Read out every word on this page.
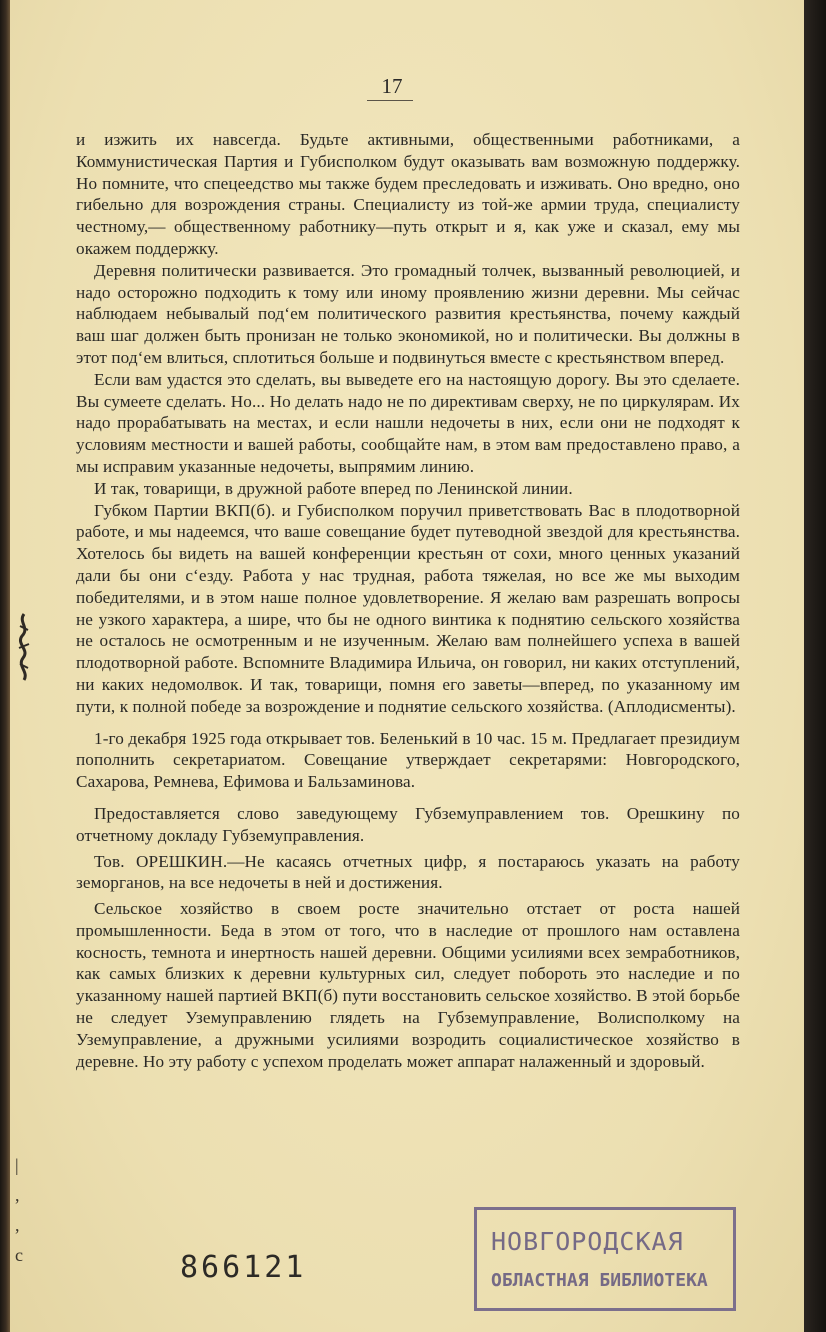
17

и изжить их навсегда. Будьте активными, общественными работниками, а Коммунистическая Партия и Губисполком будут оказывать вам возможную поддержку. Но помните, что спецеедство мы также будем преследовать и изживать. Оно вредно, оно гибельно для возрождения страны. Специалисту из той-же армии труда, специалисту честному,— общественному работнику—путь открыт и я, как уже и сказал, ему мы окажем поддержку.

Деревня политически развивается. Это громадный толчек, вызванный революцией, и надо осторожно подходить к тому или иному проявлению жизни деревни. Мы сейчас наблюдаем небывалый под‘ем политического развития крестьянства, почему каждый ваш шаг должен быть пронизан не только экономикой, но и политически. Вы должны в этот под‘ем влиться, сплотиться больше и подвинуться вместе с крестьянством вперед.

Если вам удастся это сделать, вы выведете его на настоящую дорогу. Вы это сделаете. Вы сумеете сделать. Но... Но делать надо не по директивам сверху, не по циркулярам. Их надо прорабатывать на местах, и если нашли недочеты в них, если они не подходят к условиям местности и вашей работы, сообщайте нам, в этом вам предоставлено право, а мы исправим указанные недочеты, выпрямим линию.

И так, товарищи, в дружной работе вперед по Ленинской линии.

Губком Партии ВКП(б). и Губисполком поручил приветствовать Вас в плодотворной работе, и мы надеемся, что ваше совещание будет путеводной звездой для крестьянства. Хотелось бы видеть на вашей конференции крестьян от сохи, много ценных указаний дали бы они с‘езду. Работа у нас трудная, работа тяжелая, но все же мы выходим победителями, и в этом наше полное удовлетворение. Я желаю вам разрешать вопросы не узкого характера, а шире, что бы не одного винтика к поднятию сельского хозяйства не осталось не осмотренным и не изученным. Желаю вам полнейшего успеха в вашей плодотворной работе. Вспомните Владимира Ильича, он говорил, ни каких отступлений, ни каких недомолвок. И так, товарищи, помня его заветы—вперед, по указанному им пути, к полной победе за возрождение и поднятие сельского хозяйства. (Аплодисменты).

1-го декабря 1925 года открывает тов. Беленький в 10 час. 15 м. Предлагает президиум пополнить секретариатом. Совещание утверждает секретарями: Новгородского, Сахарова, Ремнева, Ефимова и Бальзаминова.

Предоставляется слово заведующему Губземуправлением тов. Орешкину по отчетному докладу Губземуправления.

Тов. ОРЕШКИН.—Не касаясь отчетных цифр, я постараюсь указать на работу земорганов, на все недочеты в ней и достижения.

Сельское хозяйство в своем росте значительно отстает от роста нашей промышленности. Беда в этом от того, что в наследие от прошлого нам оставлена косность, темнота и инертность нашей деревни. Общими усилиями всех земработников, как самых близких к деревни культурных сил, следует побороть это наследие и по указанному нашей партией ВКП(б) пути восстановить сельское хозяйство. В этой борьбе не следует Уземуправлению глядеть на Губземуправление, Волисполкому на Уземуправление, а дружными усилиями возродить социалистическое хозяйство в деревне. Но эту работу с успехом проделать может аппарат налаженный и здоровый.

|
,
,
с	866121
НОВГОРОДСКАЯ
ОБЛАСТНАЯ БИБЛИОТЕКА
